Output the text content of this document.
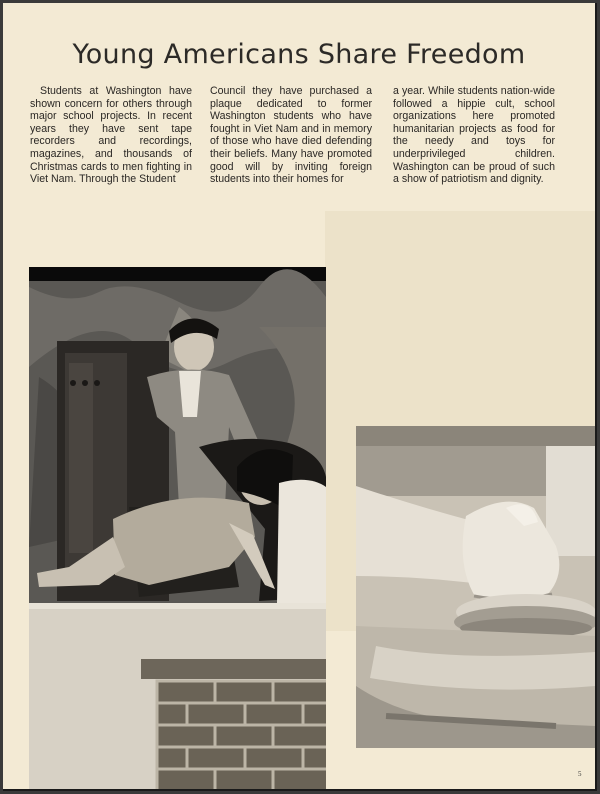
Young Americans Share Freedom

Students at Washington have shown concern for others through major school projects. In recent years they have sent tape recorders and recordings, magazines, and thousands of Christmas cards to men fighting in Viet Nam. Through the Student

Council they have purchased a plaque dedicated to former Washington students who have fought in Viet Nam and in memory of those who have died defending their beliefs. Many have promoted good will by inviting foreign students into their homes for

a year. While students nation-wide followed a hippie cult, school organizations here promoted humanitarian projects as food for the needy and toys for underprivileged children. Washington can be proud of such a show of patriotism and dignity.

5
